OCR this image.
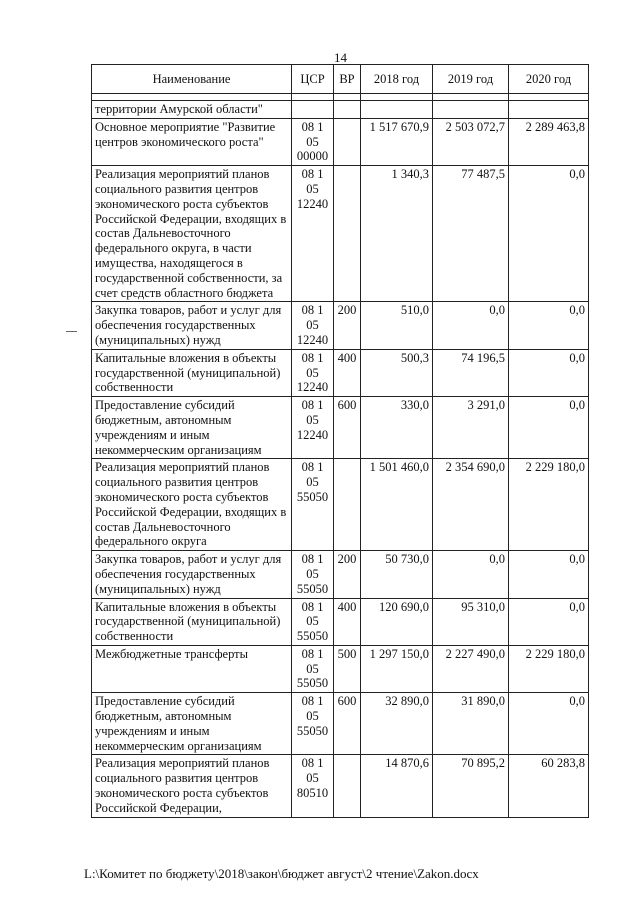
14
Наименование	ЦСР	ВР	2018 год	2019 год	2020 год

территории Амурской области"					
Основное мероприятие "Развитие центров экономического роста"	08 1 05 00000		1 517 670,9	2 503 072,7	2 289 463,8
Реализация мероприятий планов социального развития центров экономического роста субъектов Российской Федерации, входящих в состав Дальневосточного федерального округа, в части имущества, находящегося в государственной собственности, за счет средств областного бюджета	08 1 05 12240		1 340,3	77 487,5	0,0
Закупка товаров, работ и услуг для обеспечения государственных (муниципальных) нужд	08 1 05 12240	200	510,0	0,0	0,0
Капитальные вложения в объекты государственной (муниципальной) собственности	08 1 05 12240	400	500,3	74 196,5	0,0
Предоставление субсидий бюджетным, автономным учреждениям и иным некоммерческим организациям	08 1 05 12240	600	330,0	3 291,0	0,0
Реализация мероприятий планов социального развития центров экономического роста субъектов Российской Федерации, входящих в состав Дальневосточного федерального округа	08 1 05 55050		1 501 460,0	2 354 690,0	2 229 180,0
Закупка товаров, работ и услуг для обеспечения государственных (муниципальных) нужд	08 1 05 55050	200	50 730,0	0,0	0,0
Капитальные вложения в объекты государственной (муниципальной) собственности	08 1 05 55050	400	120 690,0	95 310,0	0,0
Межбюджетные трансферты	08 1 05 55050	500	1 297 150,0	2 227 490,0	2 229 180,0
Предоставление субсидий бюджетным, автономным учреждениям и иным некоммерческим организациям	08 1 05 55050	600	32 890,0	31 890,0	0,0
Реализация мероприятий планов социального развития центров экономического роста субъектов Российской Федерации,	08 1 05 80510		14 870,6	70 895,2	60 283,8
L:\Комитет по бюджету\2018\закон\бюджет август\2 чтение\Zakon.docx
